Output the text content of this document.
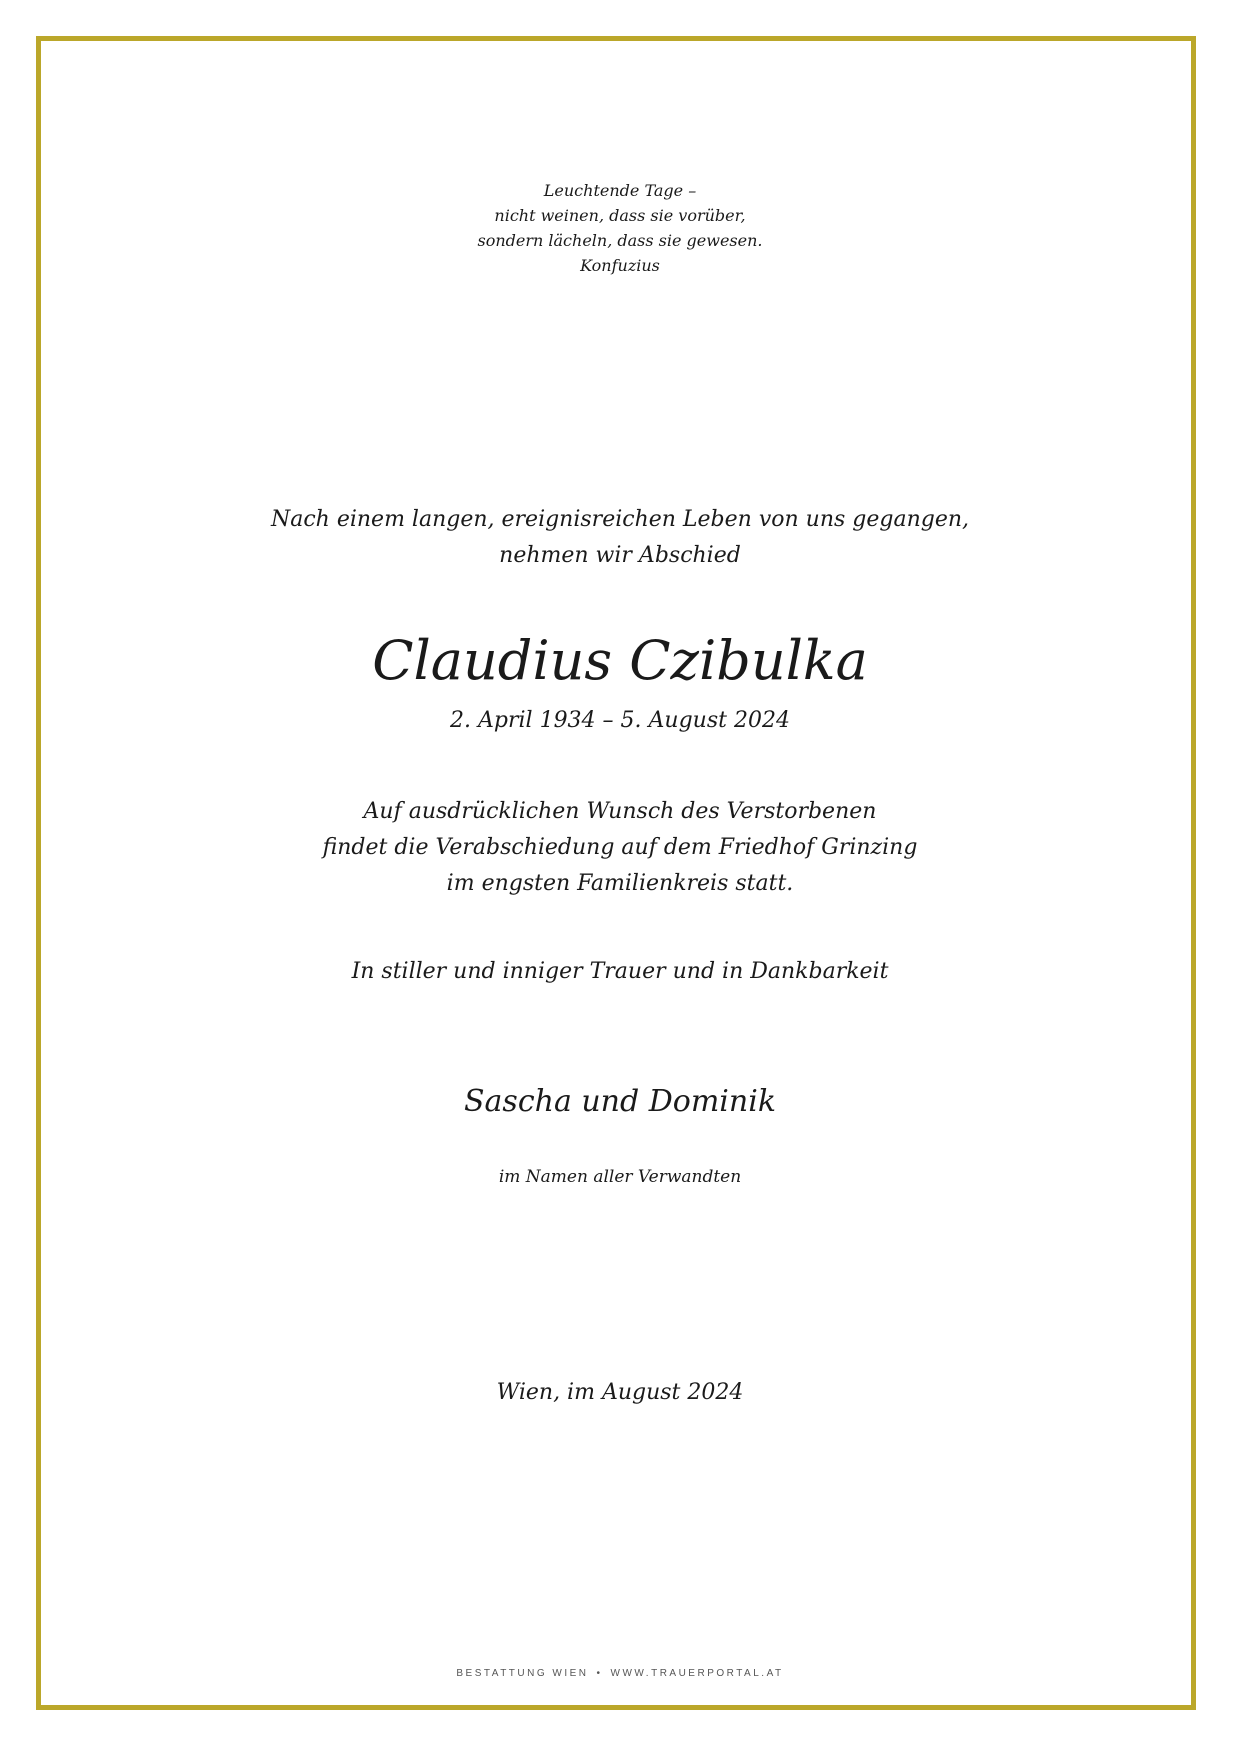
Leuchtende Tage –
nicht weinen, dass sie vorüber,
sondern lächeln, dass sie gewesen.
Konfuzius
Nach einem langen, ereignisreichen Leben von uns gegangen,
nehmen wir Abschied
Claudius Czibulka
2. April 1934 – 5. August 2024
Auf ausdrücklichen Wunsch des Verstorbenen
findet die Verabschiedung auf dem Friedhof Grinzing
im engsten Familienkreis statt.
In stiller und inniger Trauer und in Dankbarkeit
Sascha und Dominik
im Namen aller Verwandten
Wien, im August 2024
BESTATTUNG WIEN • WWW.TRAUERPORTAL.AT
